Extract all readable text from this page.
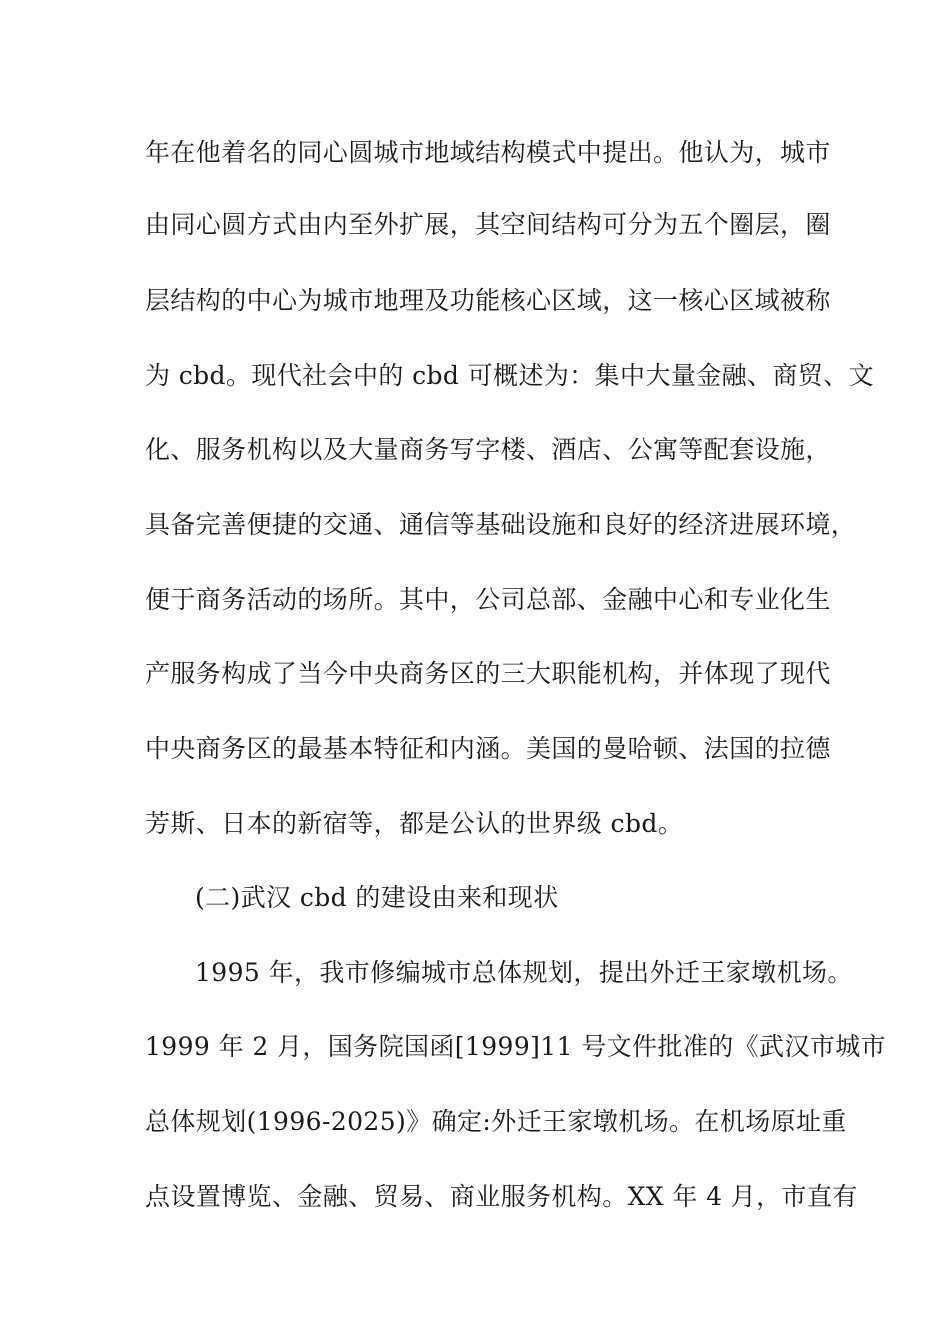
年在他着名的同心圆城市地域结构模式中提出。他认为，城市
由同心圆方式由内至外扩展，其空间结构可分为五个圈层，圈
层结构的中心为城市地理及功能核心区域，这一核心区域被称
为 cbd。现代社会中的 cbd 可概述为：集中大量金融、商贸、文
化、服务机构以及大量商务写字楼、酒店、公寓等配套设施，
具备完善便捷的交通、通信等基础设施和良好的经济进展环境，
便于商务活动的场所。其中，公司总部、金融中心和专业化生
产服务构成了当今中央商务区的三大职能机构，并体现了现代
中央商务区的最基本特征和内涵。美国的曼哈顿、法国的拉德
芳斯、日本的新宿等，都是公认的世界级 cbd。
(二)武汉 cbd 的建设由来和现状
1995 年，我市修编城市总体规划，提出外迁王家墩机场。
1999 年 2 月，国务院国函[1999]11 号文件批准的《武汉市城市
总体规划(1996-2025)》确定:外迁王家墩机场。在机场原址重
点设置博览、金融、贸易、商业服务机构。XX 年 4 月，市直有
